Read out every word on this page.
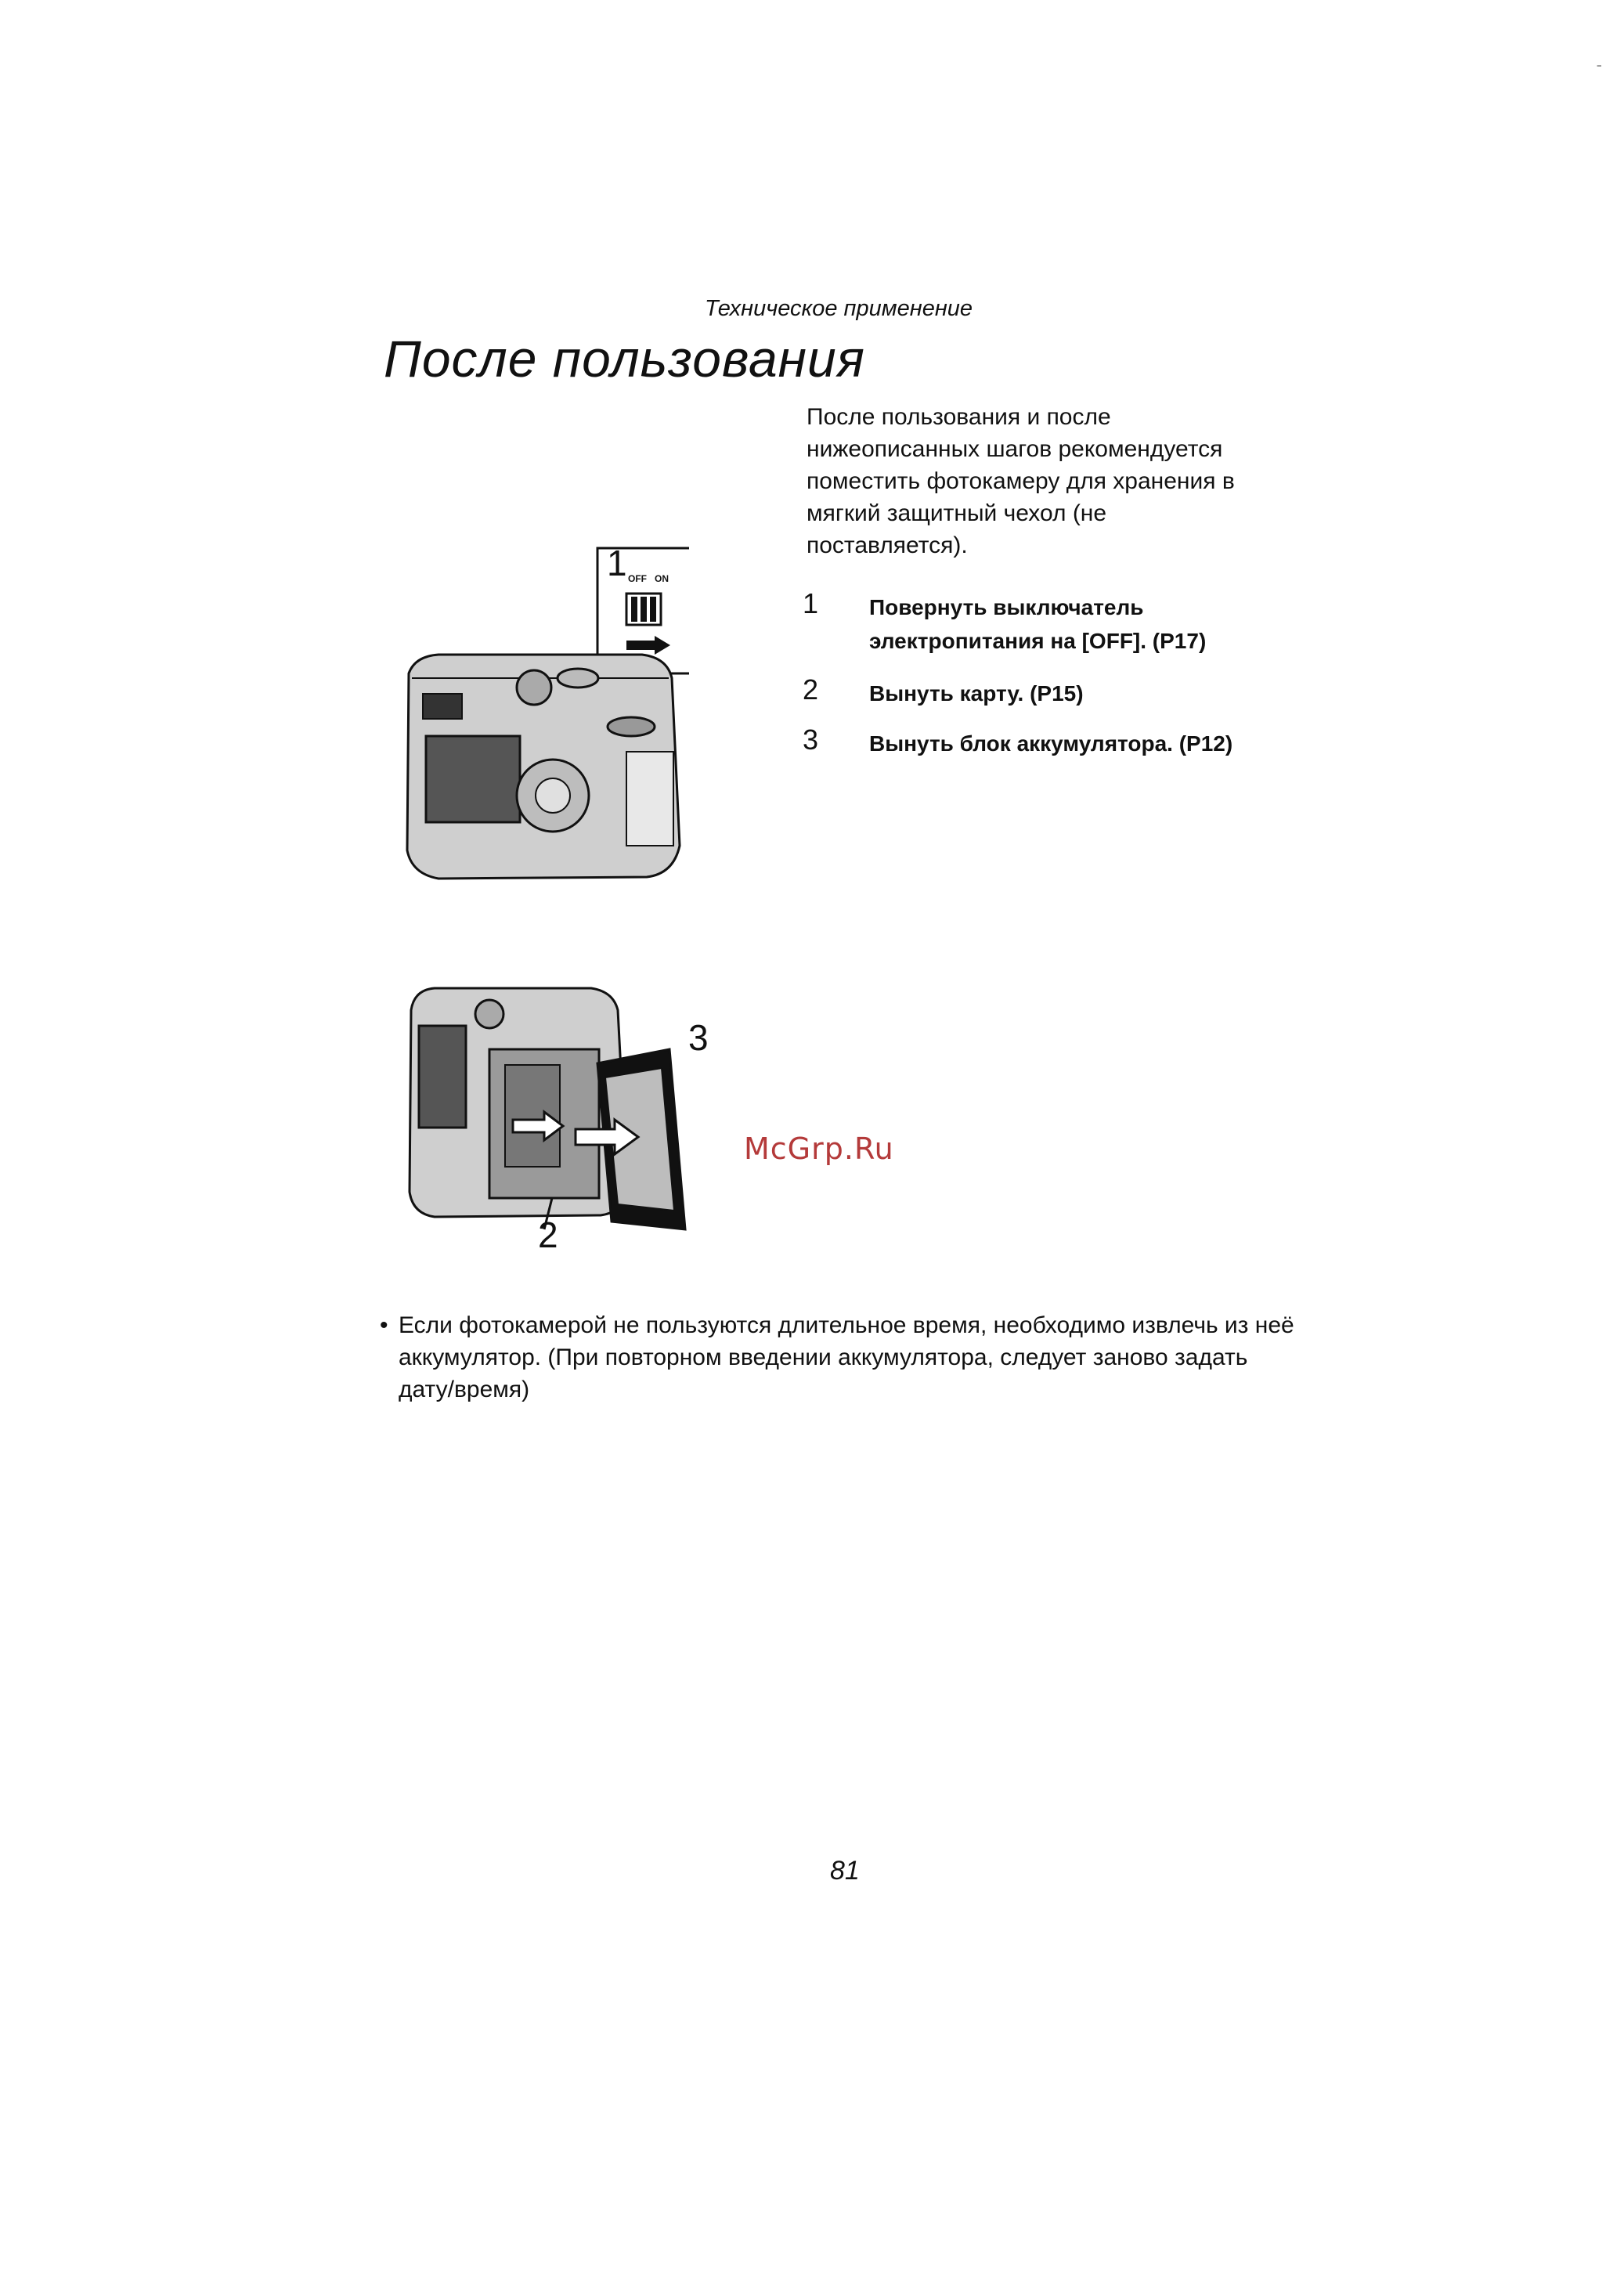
‑
Техническое применение
После пользования

После пользования и после
нижеописанных шагов рекомендуется
поместить фотокамеру для хранения в
мягкий защитный чехол (не
поставляется).

1 Повернуть выключатель
электропитания на [OFF]. (P17)
2 Вынуть карту. (P15)
3 Вынуть блок аккумулятора. (P12)
1 OFF ON
3
2
McGrp.Ru

• Если фотокамерой не пользуются длительное время, необходимо извлечь из неё
аккумулятор. (При повторном введении аккумулятора, следует заново задать
дату/время)

81
